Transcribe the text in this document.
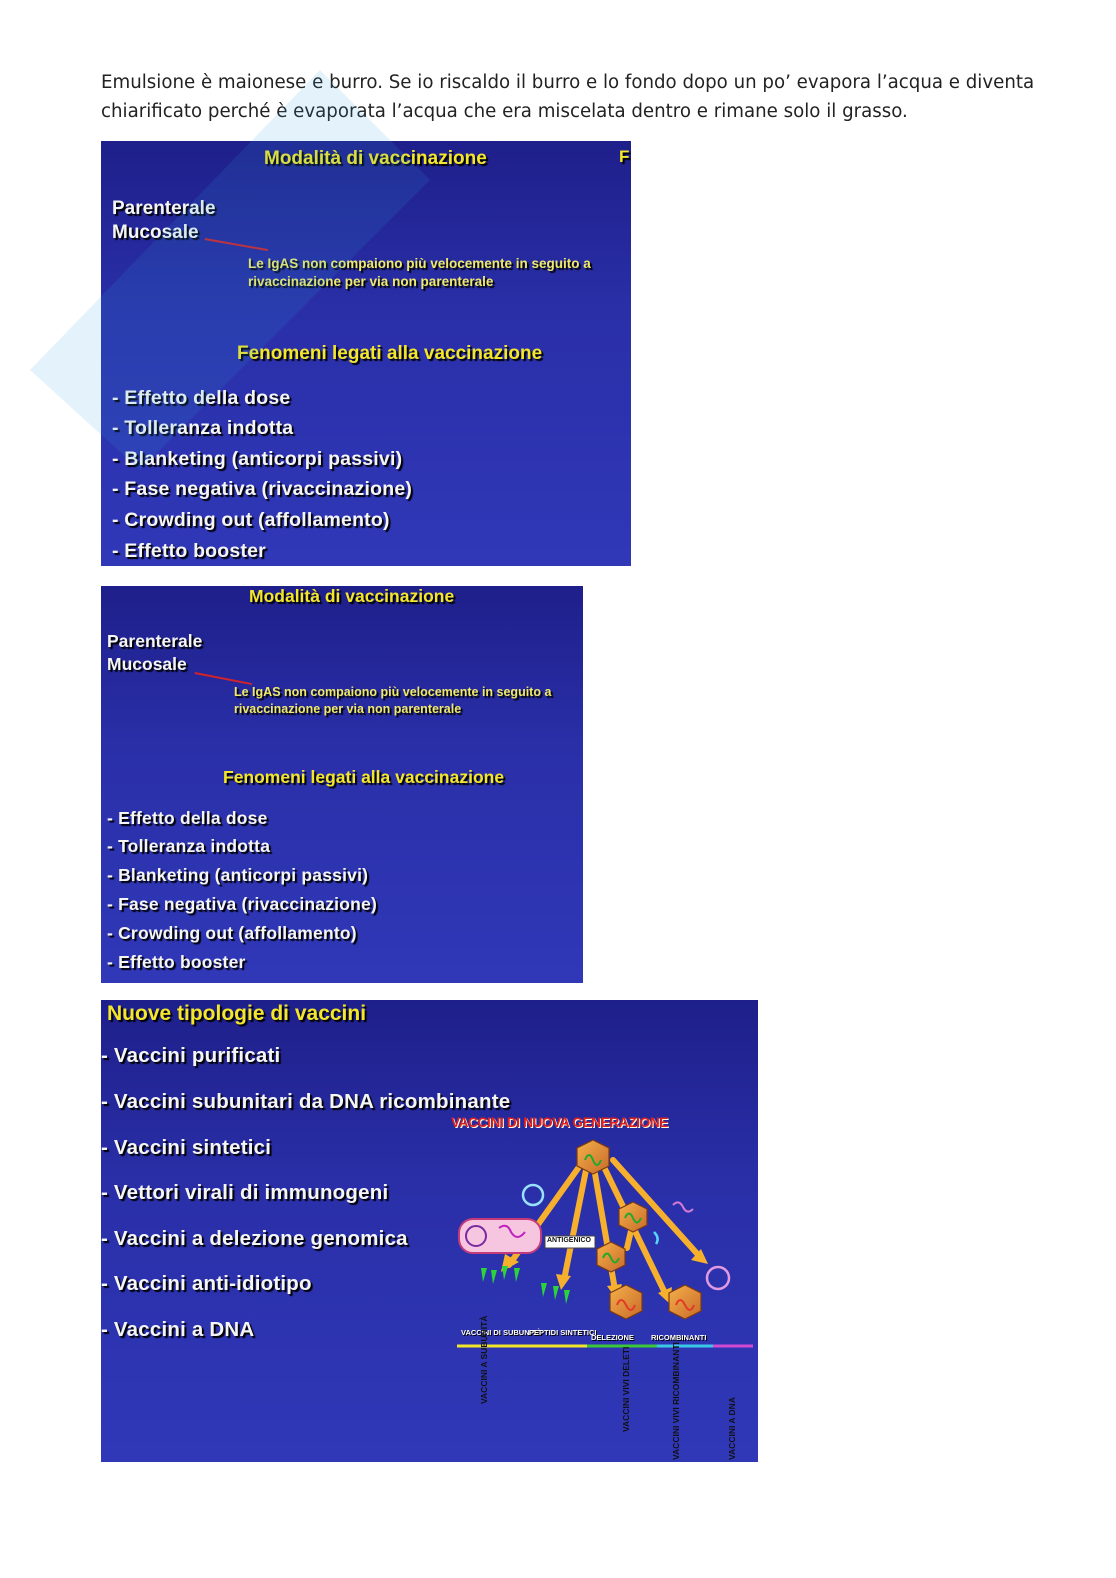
Emulsione è maionese e burro. Se io riscaldo il burro e lo fondo dopo un po’ evapora l’acqua e diventa
chiarificato perché è evaporata l’acqua che era miscelata dentro e rimane solo il grasso.

Modalità di vaccinazione	F
Parenterale
Mucosale
Le IgAS non compaiono più velocemente in seguito a
rivaccinazione per via non parenterale
Fenomeni legati alla vaccinazione
- Effetto della dose
- Tolleranza indotta
- Blanketing (anticorpi passivi)
- Fase negativa (rivaccinazione)
- Crowding out (affollamento)
- Effetto booster
Modalità di vaccinazione
Parenterale
Mucosale
Le IgAS non compaiono più velocemente in seguito a
rivaccinazione per via non parenterale
Fenomeni legati alla vaccinazione
- Effetto della dose
- Tolleranza indotta
- Blanketing (anticorpi passivi)
- Fase negativa (rivaccinazione)
- Crowding out (affollamento)
- Effetto booster
Nuove tipologie di vaccini
- Vaccini purificati
- Vaccini subunitari da DNA ricombinante
- Vaccini sintetici
- Vettori virali di immunogeni
- Vaccini a delezione genomica
- Vaccini anti-idiotipo
- Vaccini a DNA
VACCINI DI NUOVA GENERAZIONE
ANTIGENICO
VACCINI DI SUBUNITÀ
PEPTIDI SINTETICI
DELEZIONE RICOMBINANTI
VACCINI A SUBUNITÀ	VACCINI VIVI DELETI	VACCINI VIVI RICOMBINANTI	VACCINI A DNA
